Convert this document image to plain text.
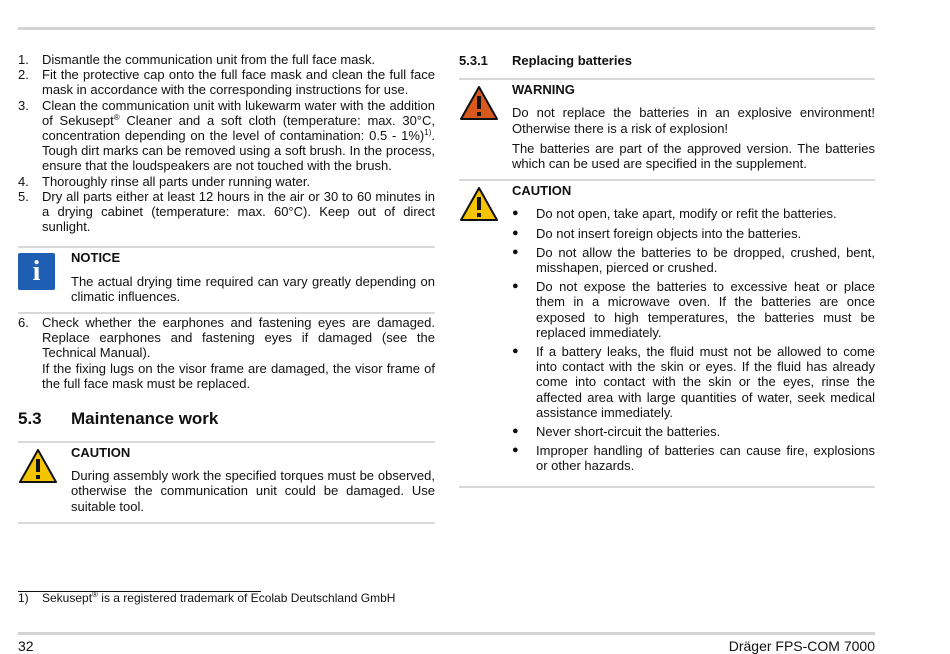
1.	Dismantle the communication unit from the full face mask.
2.	Fit the protective cap onto the full face mask and clean the full face mask in accordance with the corresponding instructions for use.
3.	Clean the communication unit with lukewarm water with the addition of Sekusept® Cleaner and a soft cloth (temperature: max. 30°C, concentration depending on the level of contamination: 0.5 - 1%)$^{1)}$. Tough dirt marks can be removed using a soft brush. In the process, ensure that the loudspeakers are not touched with the brush.
4.	Thoroughly rinse all parts under running water.
5.	Dry all parts either at least 12 hours in the air or 30 to 60 minutes in a drying cabinet (temperature: max. 60°C). Keep out of direct sunlight.
i	NOTICE
The actual drying time required can vary greatly depending on climatic influences.
6.	Check whether the earphones and fastening eyes are damaged. Replace earphones and fastening eyes if damaged (see the Technical Manual).
If the fixing lugs on the visor frame are damaged, the visor frame of the full face mask must be replaced.
5.3	Maintenance work
CAUTION
During assembly work the specified torques must be observed, otherwise the communication unit could be damaged. Use suitable tool.
5.3.1	Replacing batteries
WARNING
Do not replace the batteries in an explosive environment! Otherwise there is a risk of explosion!
The batteries are part of the approved version. The batteries which can be used are specified in the supplement.
CAUTION
●	Do not open, take apart, modify or refit the batteries.
●	Do not insert foreign objects into the batteries.
●	Do not allow the batteries to be dropped, crushed, bent, misshapen, pierced or crushed.
●	Do not expose the batteries to excessive heat or place them in a microwave oven. If the batteries are once exposed to high temperatures, the batteries must be replaced immediately.
●	If a battery leaks, the fluid must not be allowed to come into contact with the skin or eyes. If the fluid has already come into contact with the skin or the eyes, rinse the affected area with large quantities of water, seek medical assistance immediately.
●	Never short-circuit the batteries.
●	Improper handling of batteries can cause fire, explosions or other hazards.
1)	Sekusept® is a registered trademark of Ecolab Deutschland GmbH
32	Dräger FPS-COM 7000
